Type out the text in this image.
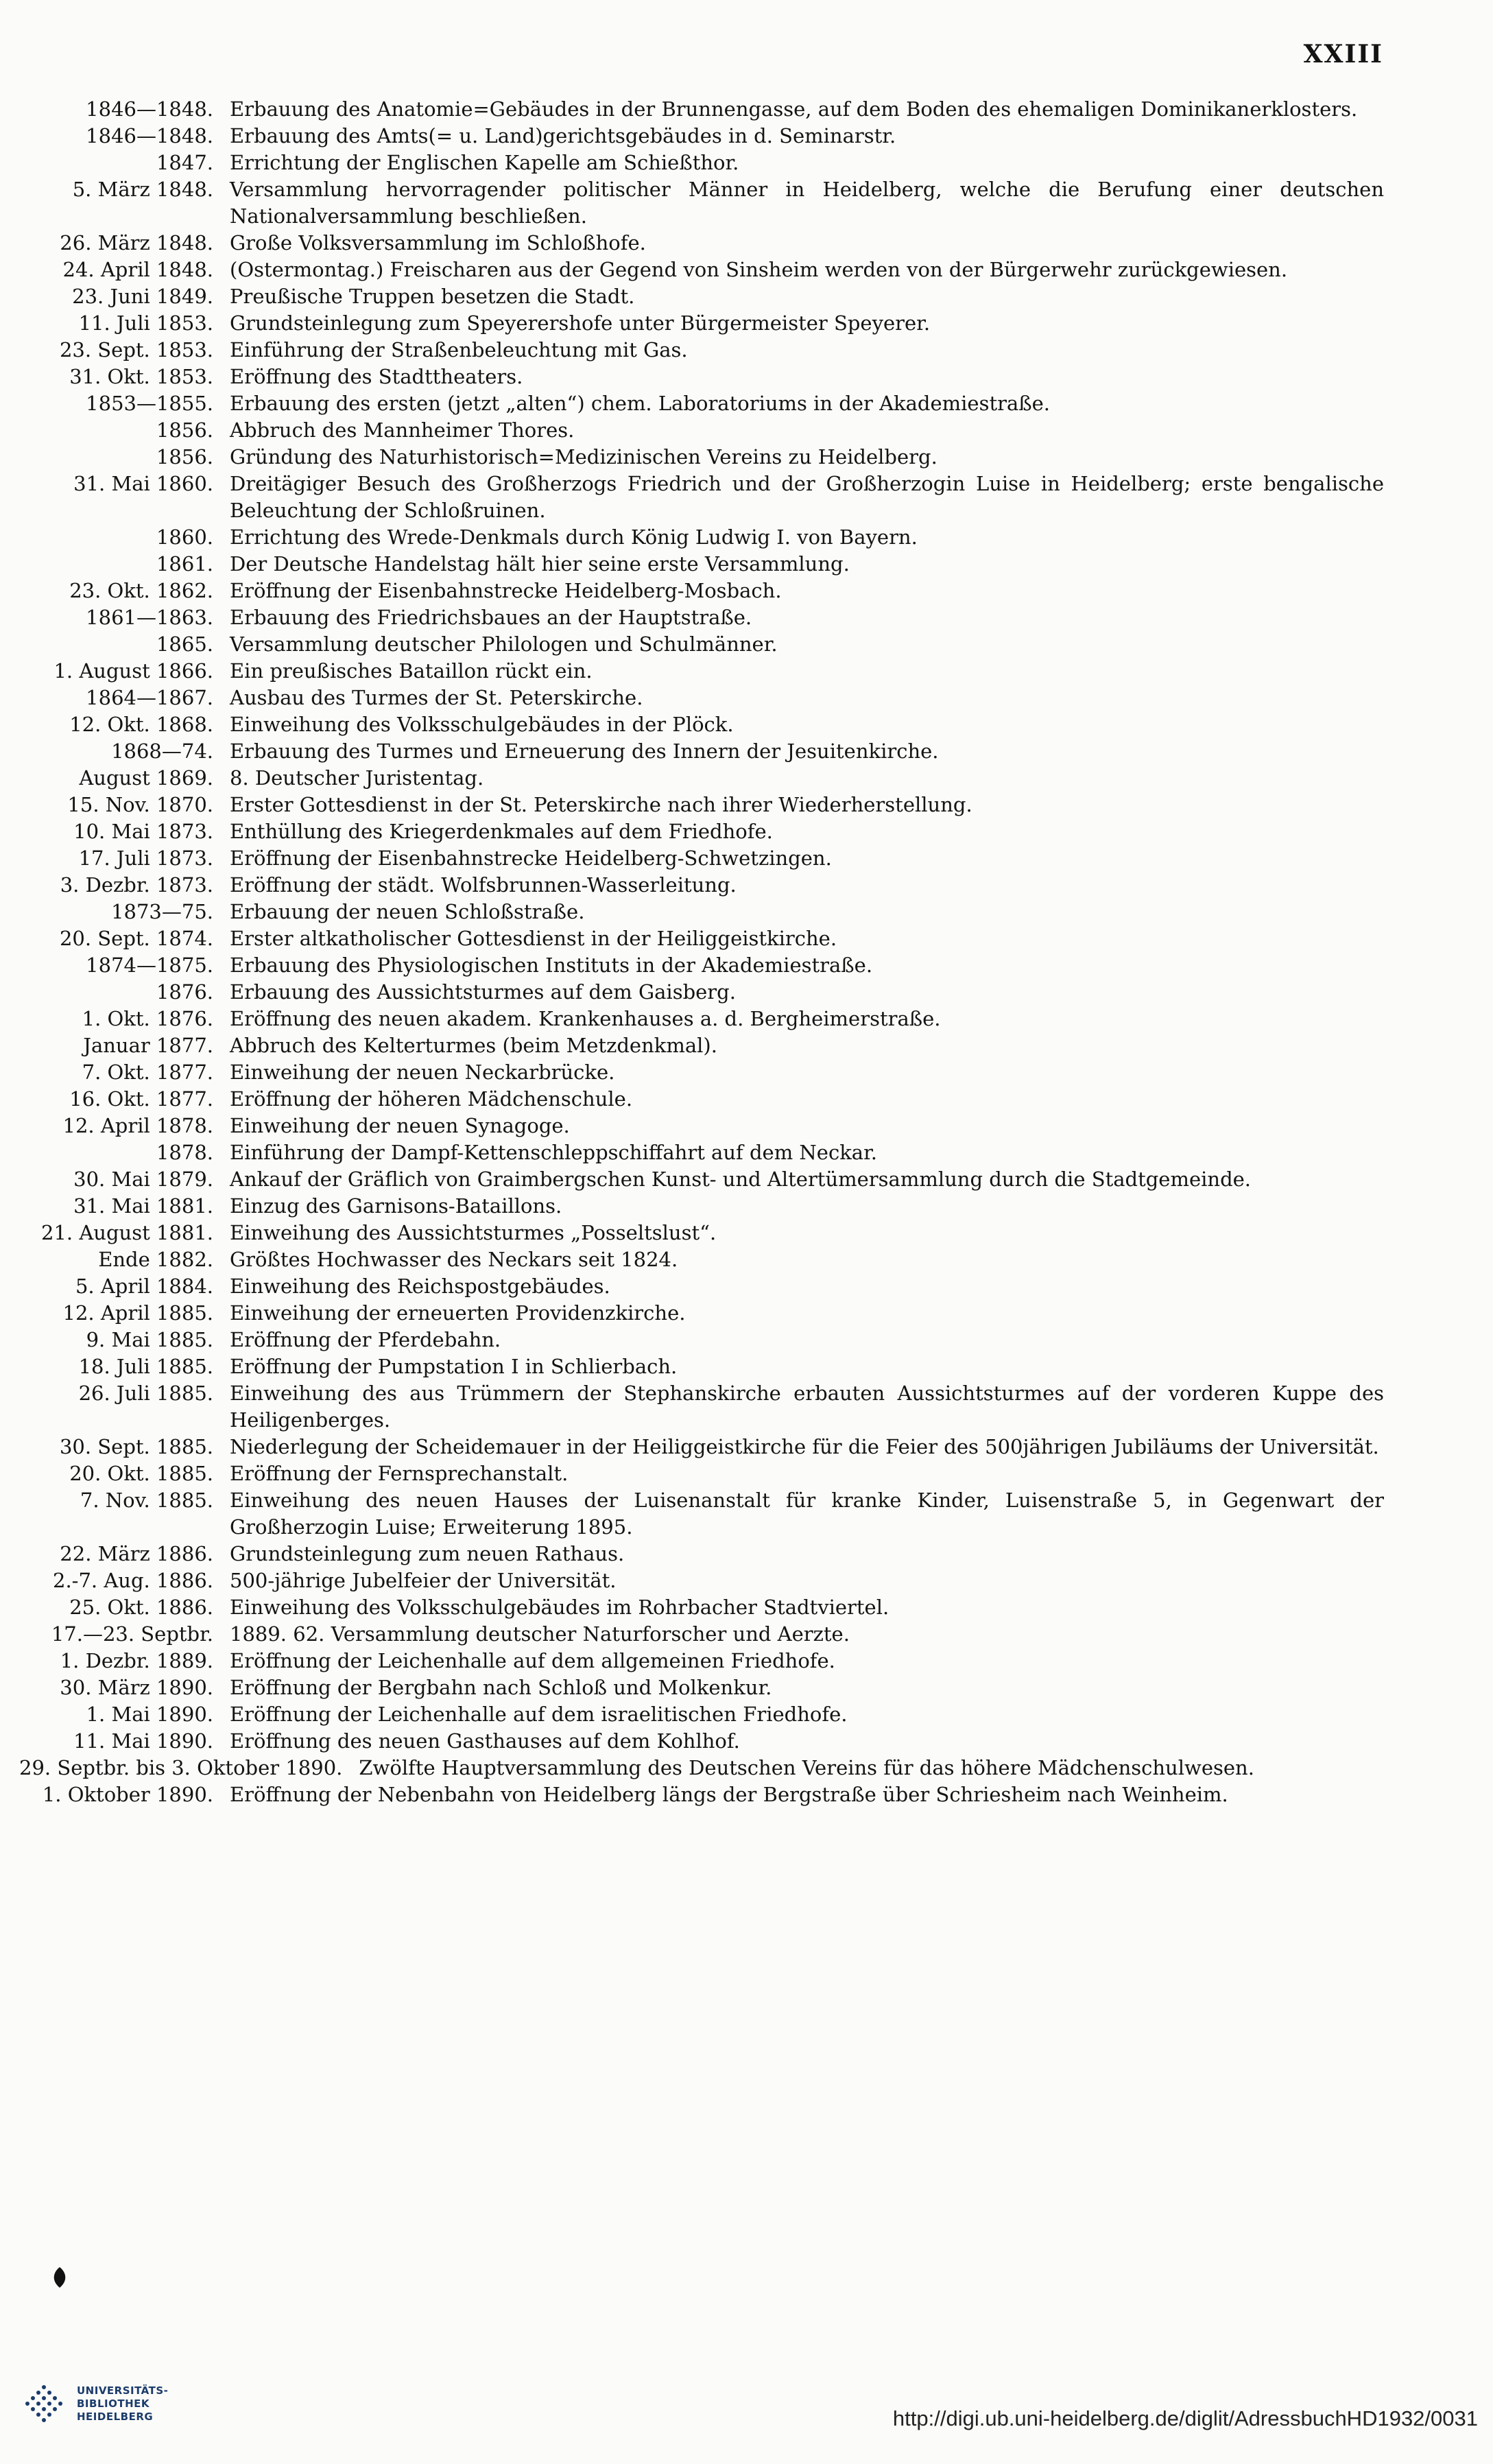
XXIII
1846—1848. Erbauung des Anatomie=Gebäudes in der Brunnengasse, auf dem Boden des ehemaligen Dominikanerklosters.
1846—1848. Erbauung des Amts(= u. Land)gerichtsgebäudes in d. Seminarstr.
1847. Errichtung der Englischen Kapelle am Schießthor.
5. März 1848. Versammlung hervorragender politischer Männer in Heidelberg, welche die Berufung einer deutschen Nationalversammlung beschließen.
26. März 1848. Große Volksversammlung im Schloßhofe.
24. April 1848. (Ostermontag.) Freischaren aus der Gegend von Sinsheim werden von der Bürgerwehr zurückgewiesen.
23. Juni 1849. Preußische Truppen besetzen die Stadt.
11. Juli 1853. Grundsteinlegung zum Speyerershofe unter Bürgermeister Speyerer.
23. Sept. 1853. Einführung der Straßenbeleuchtung mit Gas.
31. Okt. 1853. Eröffnung des Stadttheaters.
1853—1855. Erbauung des ersten (jetzt „alten“) chem. Laboratoriums in der Akademiestraße.
1856. Abbruch des Mannheimer Thores.
1856. Gründung des Naturhistorisch=Medizinischen Vereins zu Heidelberg.
31. Mai 1860. Dreitägiger Besuch des Großherzogs Friedrich und der Großherzogin Luise in Heidelberg; erste bengalische Beleuchtung der Schloßruinen.
1860. Errichtung des Wrede-Denkmals durch König Ludwig I. von Bayern.
1861. Der Deutsche Handelstag hält hier seine erste Versammlung.
23. Okt. 1862. Eröffnung der Eisenbahnstrecke Heidelberg-Mosbach.
1861—1863. Erbauung des Friedrichsbaues an der Hauptstraße.
1865. Versammlung deutscher Philologen und Schulmänner.
1. August 1866. Ein preußisches Bataillon rückt ein.
1864—1867. Ausbau des Turmes der St. Peterskirche.
12. Okt. 1868. Einweihung des Volksschulgebäudes in der Plöck.
1868—74. Erbauung des Turmes und Erneuerung des Innern der Jesuitenkirche.
August 1869. 8. Deutscher Juristentag.
15. Nov. 1870. Erster Gottesdienst in der St. Peterskirche nach ihrer Wiederherstellung.
10. Mai 1873. Enthüllung des Kriegerdenkmales auf dem Friedhofe.
17. Juli 1873. Eröffnung der Eisenbahnstrecke Heidelberg-Schwetzingen.
3. Dezbr. 1873. Eröffnung der städt. Wolfsbrunnen-Wasserleitung.
1873—75. Erbauung der neuen Schloßstraße.
20. Sept. 1874. Erster altkatholischer Gottesdienst in der Heiliggeistkirche.
1874—1875. Erbauung des Physiologischen Instituts in der Akademiestraße.
1876. Erbauung des Aussichtsturmes auf dem Gaisberg.
1. Okt. 1876. Eröffnung des neuen akadem. Krankenhauses a. d. Bergheimerstraße.
Januar 1877. Abbruch des Kelterturmes (beim Metzdenkmal).
7. Okt. 1877. Einweihung der neuen Neckarbrücke.
16. Okt. 1877. Eröffnung der höheren Mädchenschule.
12. April 1878. Einweihung der neuen Synagoge.
1878. Einführung der Dampf-Kettenschleppschiffahrt auf dem Neckar.
30. Mai 1879. Ankauf der Gräflich von Graimbergschen Kunst- und Altertümersammlung durch die Stadtgemeinde.
31. Mai 1881. Einzug des Garnisons-Bataillons.
21. August 1881. Einweihung des Aussichtsturmes „Posseltslust“.
Ende 1882. Größtes Hochwasser des Neckars seit 1824.
5. April 1884. Einweihung des Reichspostgebäudes.
12. April 1885. Einweihung der erneuerten Providenzkirche.
9. Mai 1885. Eröffnung der Pferdebahn.
18. Juli 1885. Eröffnung der Pumpstation I in Schlierbach.
26. Juli 1885. Einweihung des aus Trümmern der Stephanskirche erbauten Aussichtsturmes auf der vorderen Kuppe des Heiligenberges.
30. Sept. 1885. Niederlegung der Scheidemauer in der Heiliggeistkirche für die Feier des 500jährigen Jubiläums der Universität.
20. Okt. 1885. Eröffnung der Fernsprechanstalt.
7. Nov. 1885. Einweihung des neuen Hauses der Luisenanstalt für kranke Kinder, Luisenstraße 5, in Gegenwart der Großherzogin Luise; Erweiterung 1895.
22. März 1886. Grundsteinlegung zum neuen Rathaus.
2.-7. Aug. 1886. 500-jährige Jubelfeier der Universität.
25. Okt. 1886. Einweihung des Volksschulgebäudes im Rohrbacher Stadtviertel.
17.—23. Septbr. 1889. 62. Versammlung deutscher Naturforscher und Aerzte.
1. Dezbr. 1889. Eröffnung der Leichenhalle auf dem allgemeinen Friedhofe.
30. März 1890. Eröffnung der Bergbahn nach Schloß und Molkenkur.
1. Mai 1890. Eröffnung der Leichenhalle auf dem israelitischen Friedhofe.
11. Mai 1890. Eröffnung des neuen Gasthauses auf dem Kohlhof.
29. Septbr. bis 3. Oktober 1890. Zwölfte Hauptversammlung des Deutschen Vereins für das höhere Mädchenschulwesen.
1. Oktober 1890. Eröffnung der Nebenbahn von Heidelberg längs der Bergstraße über Schriesheim nach Weinheim.
UNIVERSITÄTS-
BIBLIOTHEK
HEIDELBERG	http://digi.ub.uni-heidelberg.de/diglit/AdressbuchHD1932/0031
